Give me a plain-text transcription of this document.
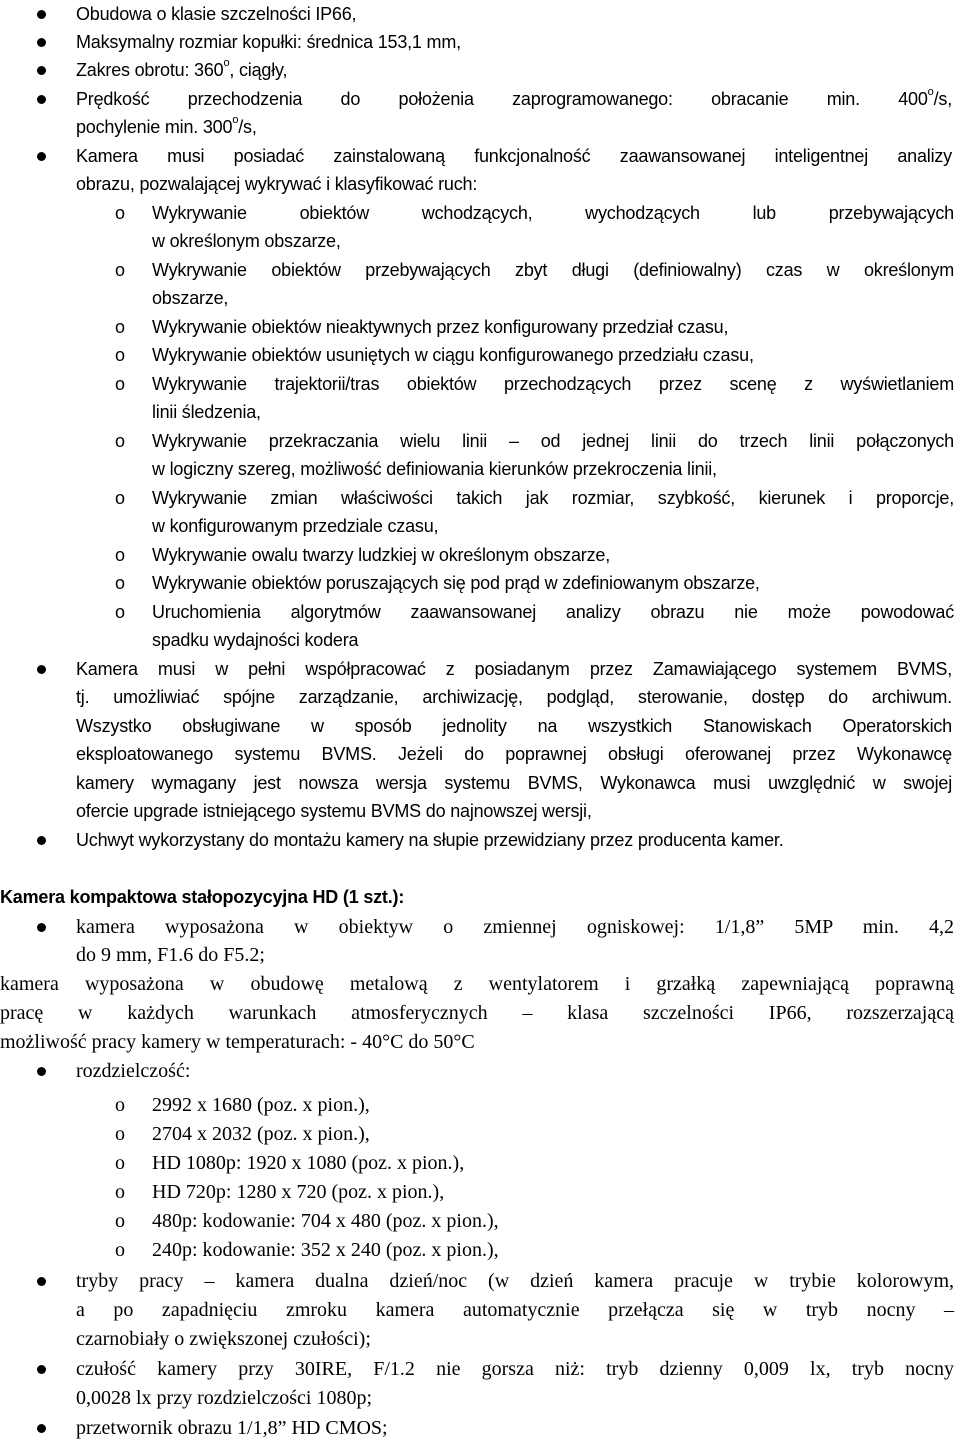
Obudowa o klasie szczelności IP66,
Maksymalny rozmiar kopułki: średnica 153,1 mm,
Zakres obrotu: 360$^o$, ciągły,
Prędkość przechodzenia do położenia zaprogramowanego: obracanie min. 400$^o$/s,
pochylenie min. 300$^o$/s,
Kamera musi posiadać zainstalowaną funkcjonalność zaawansowanej inteligentnej analizy
obrazu, pozwalającej wykrywać i klasyfikować ruch:
o Wykrywanie obiektów wchodzących, wychodzących lub przebywających
w określonym obszarze,
o Wykrywanie obiektów przebywających zbyt długi (definiowalny) czas w określonym
obszarze,
o Wykrywanie obiektów nieaktywnych przez konfigurowany przedział czasu,
o Wykrywanie obiektów usuniętych w ciągu konfigurowanego przedziału czasu,
o Wykrywanie trajektorii/tras obiektów przechodzących przez scenę z wyświetlaniem
linii śledzenia,
o Wykrywanie przekraczania wielu linii – od jednej linii do trzech linii połączonych
w logiczny szereg, możliwość definiowania kierunków przekroczenia linii,
o Wykrywanie zmian właściwości takich jak rozmiar, szybkość, kierunek i proporcje,
w konfigurowanym przedziale czasu,
o Wykrywanie owalu twarzy ludzkiej w określonym obszarze,
o Wykrywanie obiektów poruszających się pod prąd w zdefiniowanym obszarze,
o Uruchomienia algorytmów zaawansowanej analizy obrazu nie może powodować
spadku wydajności kodera
Kamera musi w pełni współpracować z posiadanym przez Zamawiającego systemem BVMS,
tj. umożliwiać spójne zarządzanie, archiwizację, podgląd, sterowanie, dostęp do archiwum.
Wszystko obsługiwane w sposób jednolity na wszystkich Stanowiskach Operatorskich
eksploatowanego systemu BVMS. Jeżeli do poprawnej obsługi oferowanej przez Wykonawcę
kamery wymagany jest nowsza wersja systemu BVMS, Wykonawca musi uwzględnić w swojej
ofercie upgrade istniejącego systemu BVMS do najnowszej wersji,
Uchwyt wykorzystany do montażu kamery na słupie przewidziany przez producenta kamer.
Kamera kompaktowa stałopozycyjna HD (1 szt.):
kamera wyposażona w obiektyw o zmiennej ogniskowej: 1/1,8” 5MP min. 4,2
do 9 mm, F1.6 do F5.2;
kamera wyposażona w obudowę metalową z wentylatorem i grzałką zapewniającą poprawną
pracę w każdych warunkach atmosferycznych – klasa szczelności IP66, rozszerzającą
możliwość pracy kamery w temperaturach: - 40°C do 50°C
rozdzielczość:
o 2992 x 1680 (poz. x pion.),
o 2704 x 2032 (poz. x pion.),
o HD 1080p: 1920 x 1080 (poz. x pion.),
o HD 720p: 1280 x 720 (poz. x pion.),
o 480p: kodowanie: 704 x 480 (poz. x pion.),
o 240p: kodowanie: 352 x 240 (poz. x pion.),
tryby pracy – kamera dualna dzień/noc (w dzień kamera pracuje w trybie kolorowym,
a po zapadnięciu zmroku kamera automatycznie przełącza się w tryb nocny –
czarnobiały o zwiększonej czułości);
czułość kamery przy 30IRE, F/1.2 nie gorsza niż: tryb dzienny 0,009 lx, tryb nocny
0,0028 lx przy rozdzielczości 1080p;
przetwornik obrazu 1/1,8” HD CMOS;
